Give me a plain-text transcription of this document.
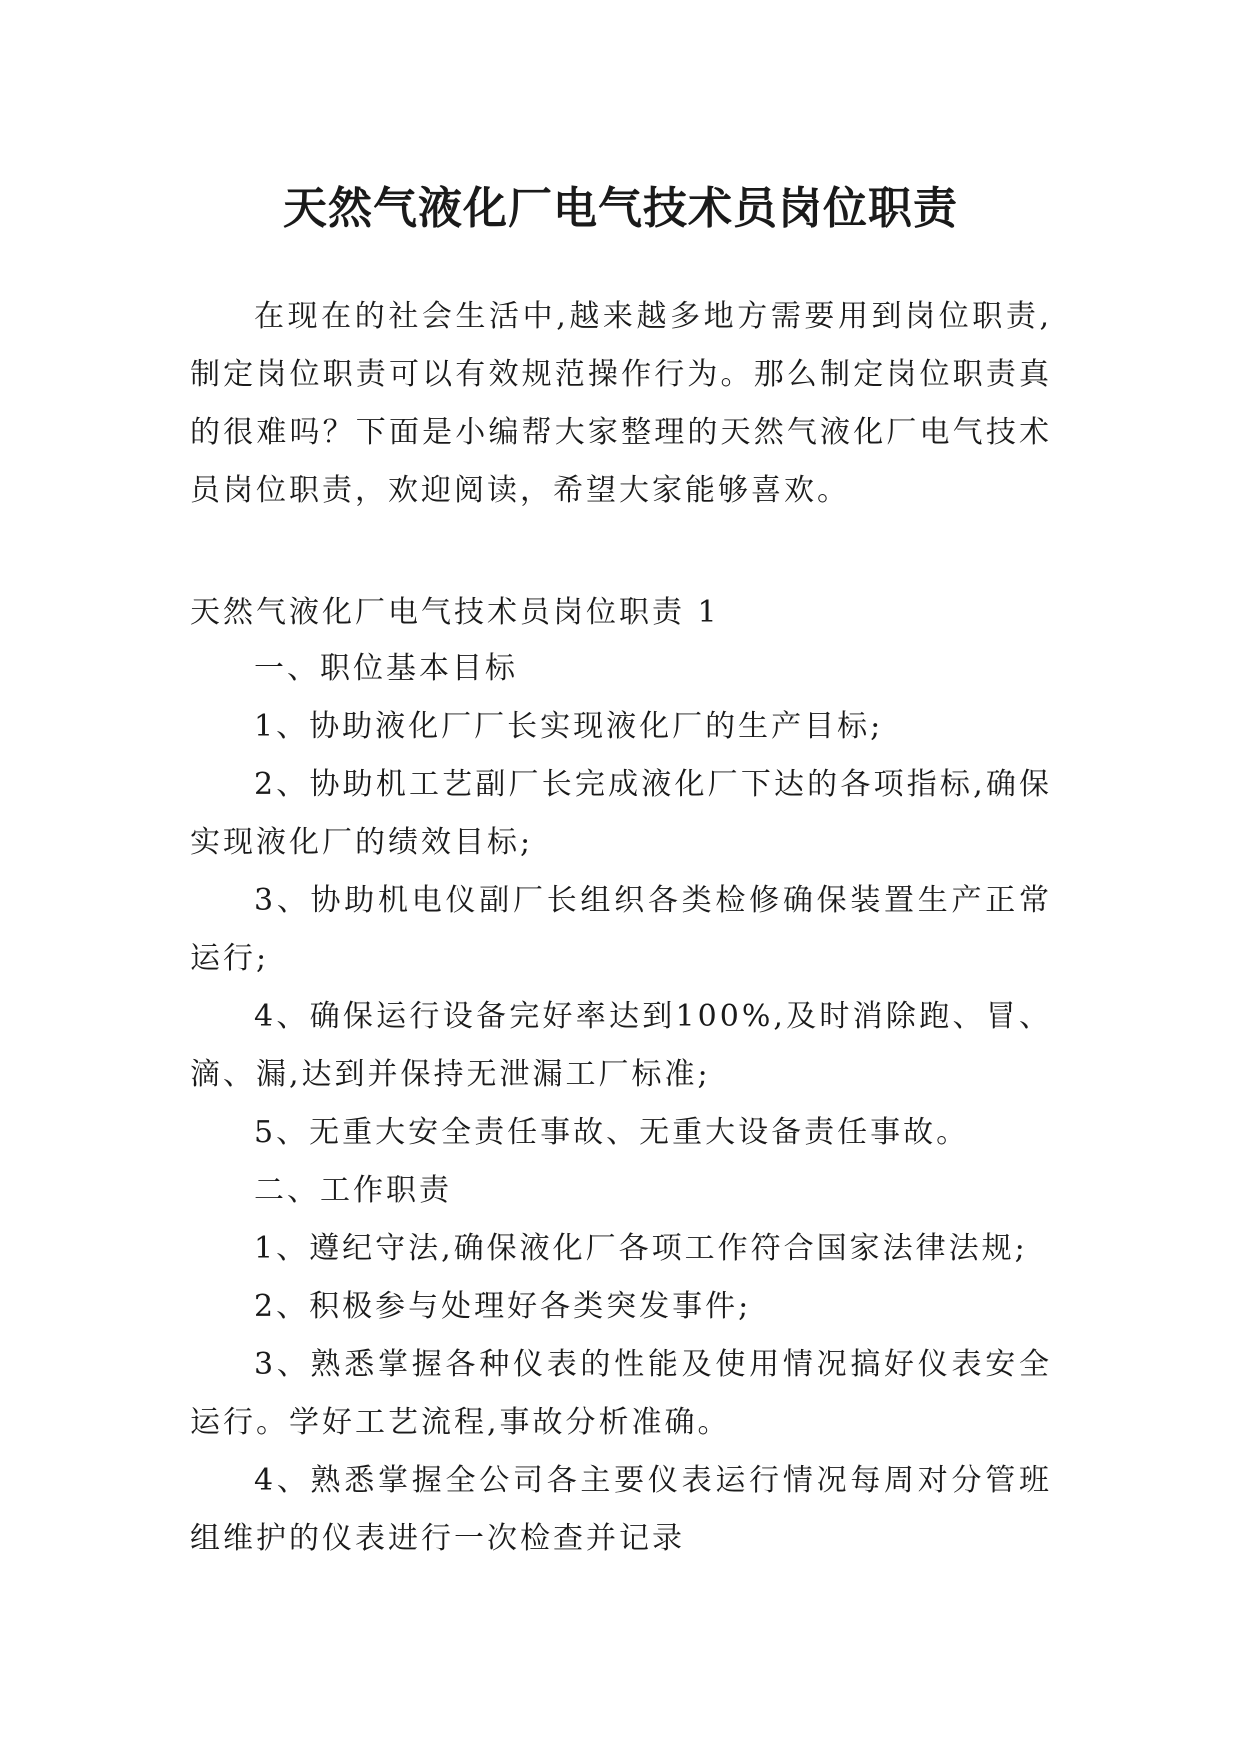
天然气液化厂电气技术员岗位职责

在现在的社会生活中,越来越多地方需要用到岗位职责,制定岗位职责可以有效规范操作行为。那么制定岗位职责真的很难吗？下面是小编帮大家整理的天然气液化厂电气技术员岗位职责，欢迎阅读，希望大家能够喜欢。

天然气液化厂电气技术员岗位职责 1

一、职位基本目标

1、协助液化厂厂长实现液化厂的生产目标;

2、协助机工艺副厂长完成液化厂下达的各项指标,确保实现液化厂的绩效目标;

3、协助机电仪副厂长组织各类检修确保装置生产正常运行;

4、确保运行设备完好率达到100%,及时消除跑、冒、滴、漏,达到并保持无泄漏工厂标准;

5、无重大安全责任事故、无重大设备责任事故。

二、工作职责

1、遵纪守法,确保液化厂各项工作符合国家法律法规;

2、积极参与处理好各类突发事件;

3、熟悉掌握各种仪表的性能及使用情况搞好仪表安全运行。学好工艺流程,事故分析准确。

4、熟悉掌握全公司各主要仪表运行情况每周对分管班组维护的仪表进行一次检查并记录
